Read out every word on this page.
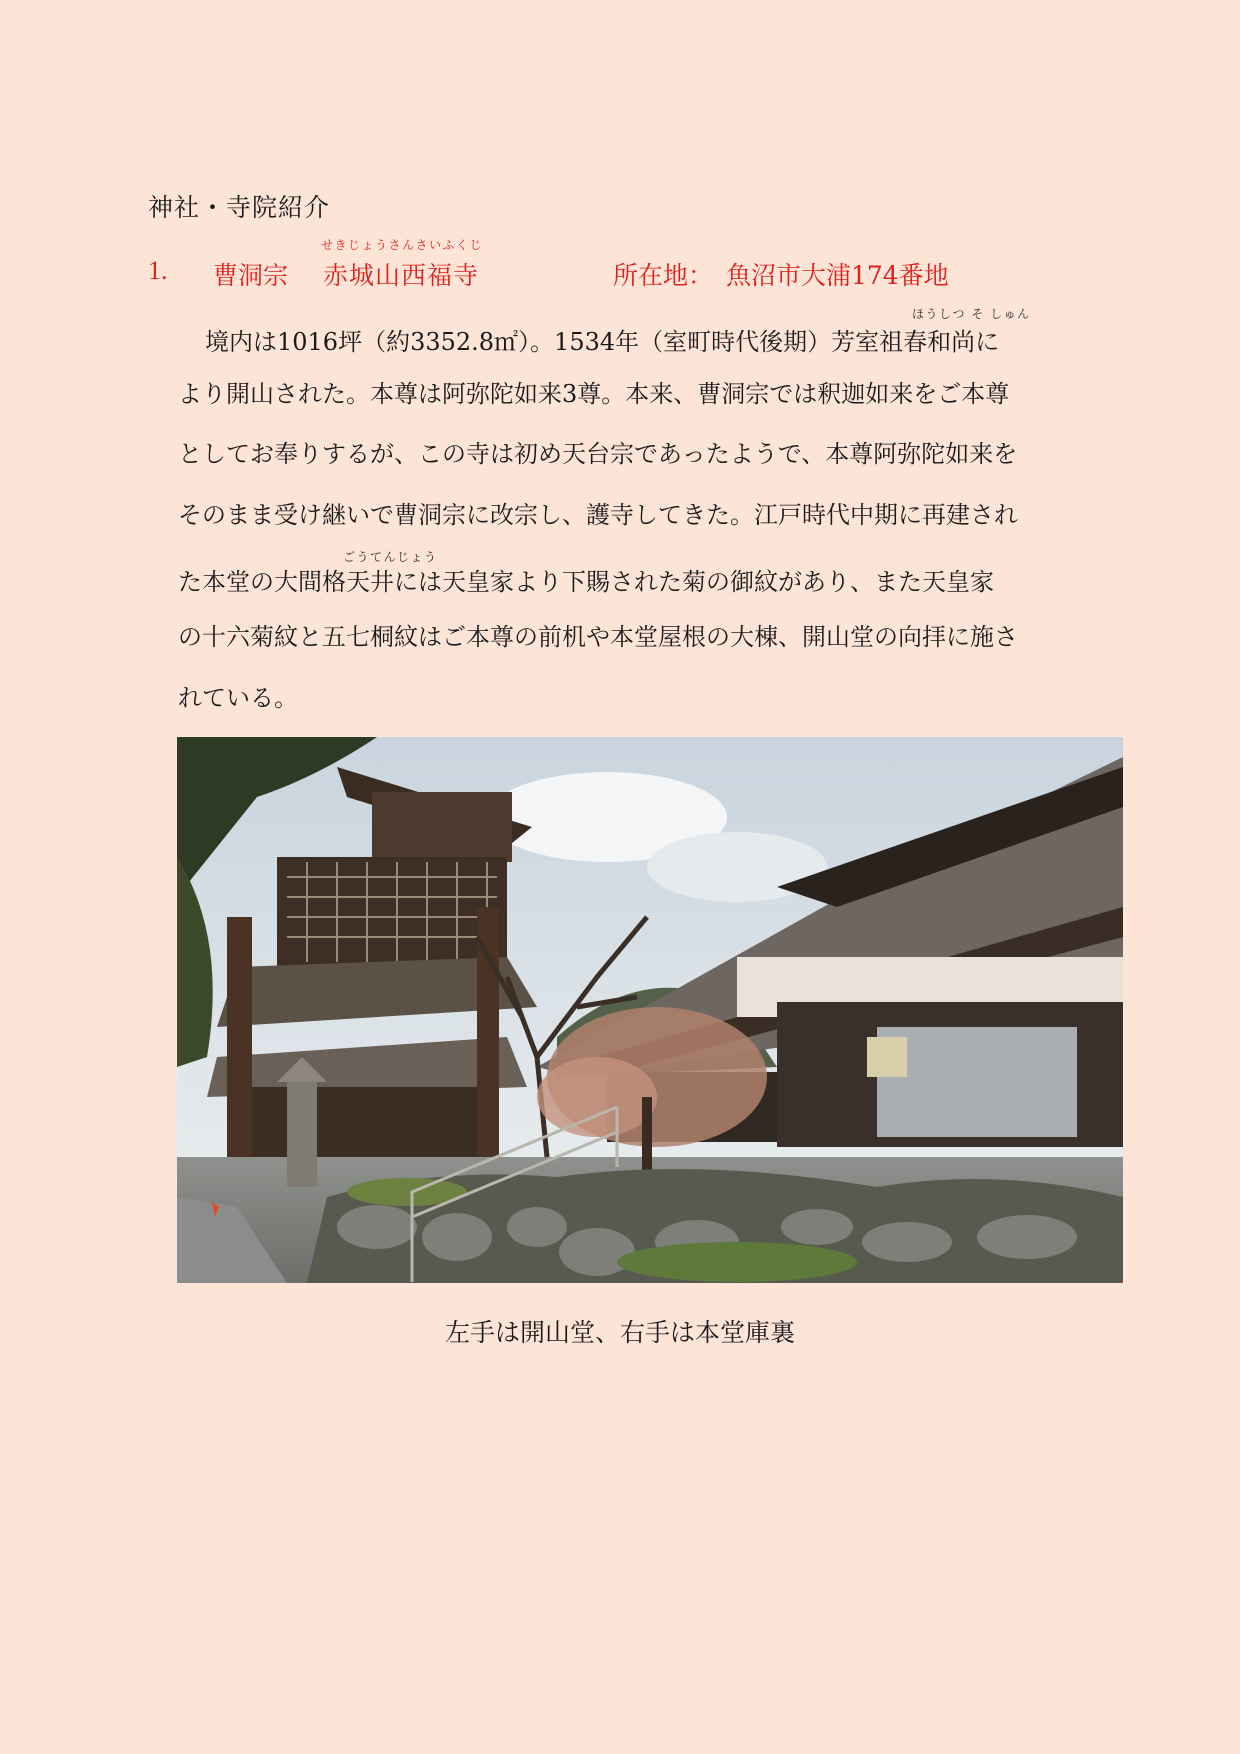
神社・寺院紹介
1. 曹洞宗
せきじょうさんさいふくじ
赤城山西福寺	所在地： 魚沼市大浦174番地
ほうしつ そ しゅん
境内は1016坪（約3352.8㎡）。1534年（室町時代後期）芳室祖春和尚に
より開山された。本尊は阿弥陀如来3尊。本来、曹洞宗では釈迦如来をご本尊
としてお奉りするが、この寺は初め天台宗であったようで、本尊阿弥陀如来を
そのまま受け継いで曹洞宗に改宗し、護寺してきた。江戸時代中期に再建され
ごうてんじょう
た本堂の大間格天井には天皇家より下賜された菊の御紋があり、また天皇家
の十六菊紋と五七桐紋はご本尊の前机や本堂屋根の大棟、開山堂の向拝に施さ
れている。
左手は開山堂、右手は本堂庫裏
